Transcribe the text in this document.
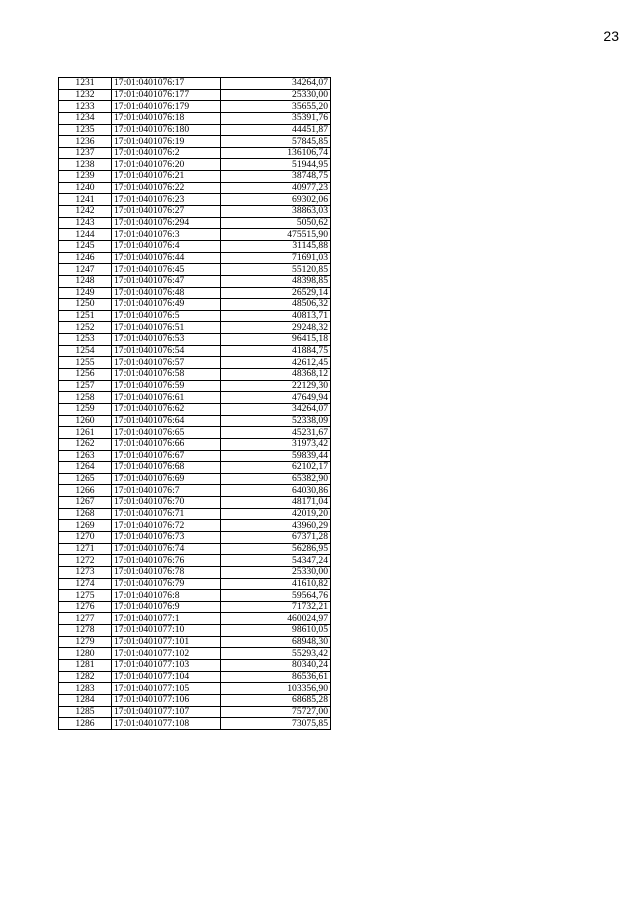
23
1231	17:01:0401076:17	34264,07
1232	17:01:0401076:177	25330,00
1233	17:01:0401076:179	35655,20
1234	17:01:0401076:18	35391,76
1235	17:01:0401076:180	44451,87
1236	17:01:0401076:19	57845,85
1237	17:01:0401076:2	136106,74
1238	17:01:0401076:20	51944,95
1239	17:01:0401076:21	38748,75
1240	17:01:0401076:22	40977,23
1241	17:01:0401076:23	69302,06
1242	17:01:0401076:27	38863,03
1243	17:01:0401076:294	5050,62
1244	17:01:0401076:3	475515,90
1245	17:01:0401076:4	31145,88
1246	17:01:0401076:44	71691,03
1247	17:01:0401076:45	55120,85
1248	17:01:0401076:47	48398,85
1249	17:01:0401076:48	26529,14
1250	17:01:0401076:49	48506,32
1251	17:01:0401076:5	40813,71
1252	17:01:0401076:51	29248,32
1253	17:01:0401076:53	96415,18
1254	17:01:0401076:54	41884,75
1255	17:01:0401076:57	42612,45
1256	17:01:0401076:58	48368,12
1257	17:01:0401076:59	22129,30
1258	17:01:0401076:61	47649,94
1259	17:01:0401076:62	34264,07
1260	17:01:0401076:64	52338,09
1261	17:01:0401076:65	45231,67
1262	17:01:0401076:66	31973,42
1263	17:01:0401076:67	59839,44
1264	17:01:0401076:68	62102,17
1265	17:01:0401076:69	65382,90
1266	17:01:0401076:7	64030,86
1267	17:01:0401076:70	48171,04
1268	17:01:0401076:71	42019,20
1269	17:01:0401076:72	43960,29
1270	17:01:0401076:73	67371,28
1271	17:01:0401076:74	56286,95
1272	17:01:0401076:76	54347,24
1273	17:01:0401076:78	25330,00
1274	17:01:0401076:79	41610,82
1275	17:01:0401076:8	59564,76
1276	17:01:0401076:9	71732,21
1277	17:01:0401077:1	460024,97
1278	17:01:0401077:10	98610,05
1279	17:01:0401077:101	68948,30
1280	17:01:0401077:102	55293,42
1281	17:01:0401077:103	80340,24
1282	17:01:0401077:104	86536,61
1283	17:01:0401077:105	103356,90
1284	17:01:0401077:106	68685,28
1285	17:01:0401077:107	75727,00
1286	17:01:0401077:108	73075,85
